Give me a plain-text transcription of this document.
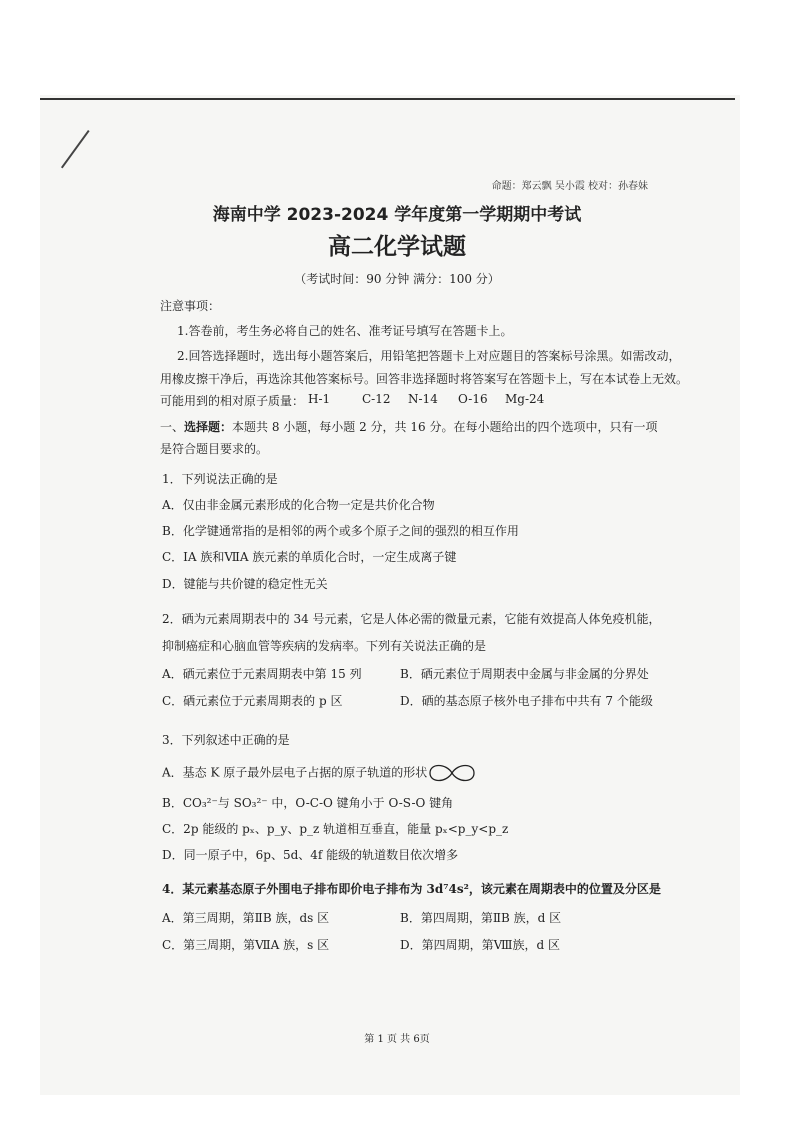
命题：郑云飘 吴小霞 校对：孙春妹
海南中学 2023-2024 学年度第一学期期中考试
高二化学试题
（考试时间：90 分钟 满分：100 分）
注意事项：
1.答卷前，考生务必将自己的姓名、准考证号填写在答题卡上。
2.回答选择题时，选出每小题答案后，用铅笔把答题卡上对应题目的答案标号涂黑。如需改动，
用橡皮擦干净后，再选涂其他答案标号。回答非选择题时将答案写在答题卡上，写在本试卷上无效。
可能用到的相对原子质量： H-1	C-12 N-14 O-16 Mg-24
一、选择题：本题共 8 小题，每小题 2 分，共 16 分。在每小题给出的四个选项中，只有一项
是符合题目要求的。
1．下列说法正确的是
A．仅由非金属元素形成的化合物一定是共价化合物
B．化学键通常指的是相邻的两个或多个原子之间的强烈的相互作用
C．ⅠA 族和ⅦA 族元素的单质化合时，一定生成离子键
D．键能与共价键的稳定性无关
2．硒为元素周期表中的 34 号元素，它是人体必需的微量元素，它能有效提高人体免疫机能，
抑制癌症和心脑血管等疾病的发病率。下列有关说法正确的是
A．硒元素位于元素周期表中第 15 列	B．硒元素位于周期表中金属与非金属的分界处
C．硒元素位于元素周期表的 p 区	D．硒的基态原子核外电子排布中共有 7 个能级
3．下列叙述中正确的是
A．基态 K 原子最外层电子占据的原子轨道的形状
B．CO₃²⁻与 SO₃²⁻ 中，O-C-O 键角小于 O-S-O 键角
C．2p 能级的 pₓ、p_y、p_z 轨道相互垂直，能量 pₓ<p_y<p_z
D．同一原子中，6p、5d、4f 能级的轨道数目依次增多
4．某元素基态原子外围电子排布即价电子排布为 3d⁷4s²，该元素在周期表中的位置及分区是
A．第三周期，第ⅡB 族，ds 区	B．第四周期，第ⅡB 族，d 区
C．第三周期，第ⅦA 族，s 区	D．第四周期，第Ⅷ族，d 区
第 1 页 共 6页
